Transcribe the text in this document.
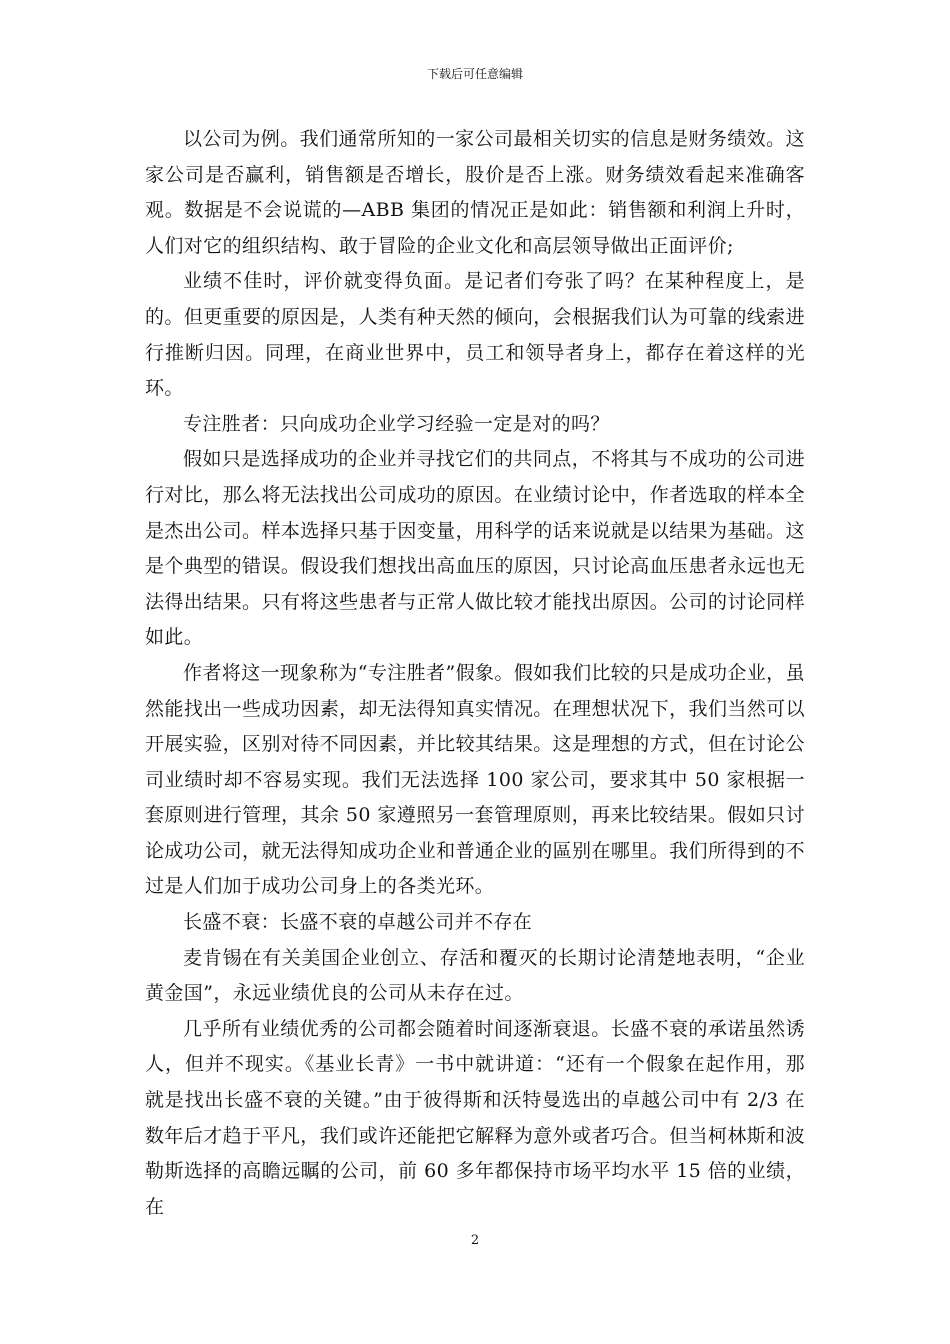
下载后可任意编辑

以公司为例。我们通常所知的一家公司最相关切实的信息是财务绩效。这家公司是否赢利，销售额是否增长，股价是否上涨。财务绩效看起来准确客观。数据是不会说谎的—ABB 集团的情况正是如此：销售额和利润上升时，人们对它的组织结构、敢于冒险的企业文化和高层领导做出正面评价;

业绩不佳时，评价就变得负面。是记者们夸张了吗？在某种程度上，是的。但更重要的原因是，人类有种天然的倾向，会根据我们认为可靠的线索进行推断归因。同理，在商业世界中，员工和领导者身上，都存在着这样的光环。

专注胜者：只向成功企业学习经验一定是对的吗？

假如只是选择成功的企业并寻找它们的共同点，不将其与不成功的公司进行对比，那么将无法找出公司成功的原因。在业绩讨论中，作者选取的样本全是杰出公司。样本选择只基于因变量，用科学的话来说就是以结果为基础。这是个典型的错误。假设我们想找出高血压的原因，只讨论高血压患者永远也无法得出结果。只有将这些患者与正常人做比较才能找出原因。公司的讨论同样如此。

作者将这一现象称为“专注胜者”假象。假如我们比较的只是成功企业，虽然能找出一些成功因素，却无法得知真实情况。在理想状况下，我们当然可以开展实验，区别对待不同因素，并比较其结果。这是理想的方式，但在讨论公司业绩时却不容易实现。我们无法选择 100 家公司，要求其中 50 家根据一套原则进行管理，其余 50 家遵照另一套管理原则，再来比较结果。假如只讨论成功公司，就无法得知成功企业和普通企业的區别在哪里。我们所得到的不过是人们加于成功公司身上的各类光环。

长盛不衰：长盛不衰的卓越公司并不存在

麦肯锡在有关美国企业创立、存活和覆灭的长期讨论清楚地表明，“企业黄金国”，永远业绩优良的公司从未存在过。

几乎所有业绩优秀的公司都会随着时间逐渐衰退。长盛不衰的承诺虽然诱人，但并不现实。《基业长青》一书中就讲道：“还有一个假象在起作用，那就是找出长盛不衰的关键。”由于彼得斯和沃特曼选出的卓越公司中有 2/3 在数年后才趋于平凡，我们或许还能把它解释为意外或者巧合。但当柯林斯和波勒斯选择的高瞻远瞩的公司，前 60 多年都保持市场平均水平 15 倍的业绩，在

2
